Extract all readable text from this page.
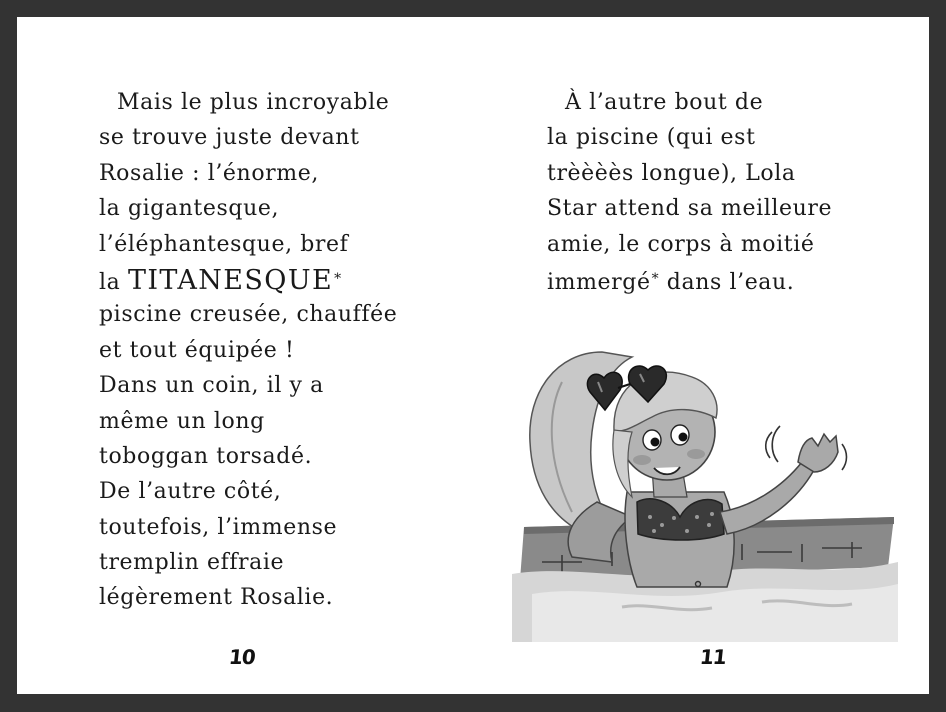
Mais le plus incroyable
se trouve juste devant
Rosalie : l’énorme,
la gigantesque,
l’éléphantesque, bref
la TITANESQUE*
piscine creusée, chauffée
et tout équipée !
Dans un coin, il y a
même un long
toboggan torsadé.
De l’autre côté,
toutefois, l’immense
tremplin effraie
légèrement Rosalie.
À l’autre bout de
la piscine (qui est
trèèèès longue), Lola
Star attend sa meilleure
amie, le corps à moitié
immergé* dans l’eau.
10	11
